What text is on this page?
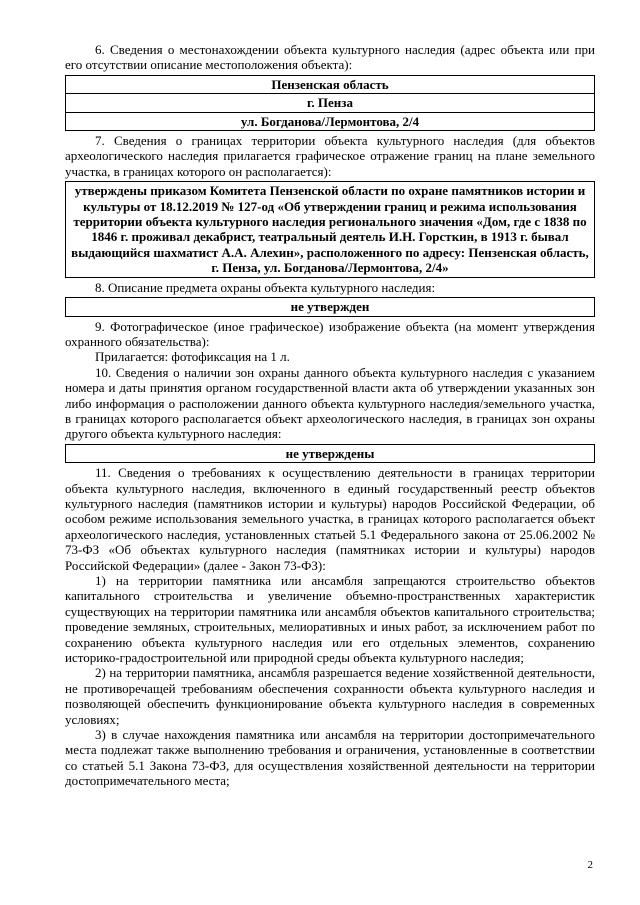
6. Сведения о местонахождении объекта культурного наследия (адрес объекта или при его отсутствии описание местоположения объекта):

Пензенская область
г. Пенза
ул. Богданова/Лермонтова, 2/4

7. Сведения о границах территории объекта культурного наследия (для объектов археологического наследия прилагается графическое отражение границ на плане земельного участка, в границах которого он располагается):

утверждены приказом Комитета Пензенской области по охране памятников истории и культуры от 18.12.2019 № 127-од «Об утверждении границ и режима использования территории объекта культурного наследия регионального значения «Дом, где с 1838 по 1846 г. проживал декабрист, театральный деятель И.Н. Горсткин, в 1913 г. бывал выдающийся шахматист А.А. Алехин», расположенного по адресу: Пензенская область, г. Пенза, ул. Богданова/Лермонтова, 2/4»

8. Описание предмета охраны объекта культурного наследия:

не утвержден

9. Фотографическое (иное графическое) изображение объекта (на момент утверждения охранного обязательства):

Прилагается: фотофиксация на 1 л.

10. Сведения о наличии зон охраны данного объекта культурного наследия с указанием номера и даты принятия органом государственной власти акта об утверждении указанных зон либо информация о расположении данного объекта культурного наследия/земельного участка, в границах которого располагается объект археологического наследия, в границах зон охраны другого объекта культурного наследия:

не утверждены

11. Сведения о требованиях к осуществлению деятельности в границах территории объекта культурного наследия, включенного в единый государственный реестр объектов культурного наследия (памятников истории и культуры) народов Российской Федерации, об особом режиме использования земельного участка, в границах которого располагается объект археологического наследия, установленных статьей 5.1 Федерального закона от 25.06.2002 № 73-ФЗ «Об объектах культурного наследия (памятниках истории и культуры) народов Российской Федерации» (далее - Закон 73-ФЗ):

1) на территории памятника или ансамбля запрещаются строительство объектов капитального строительства и увеличение объемно-пространственных характеристик существующих на территории памятника или ансамбля объектов капитального строительства; проведение земляных, строительных, мелиоративных и иных работ, за исключением работ по сохранению объекта культурного наследия или его отдельных элементов, сохранению историко-градостроительной или природной среды объекта культурного наследия;

2) на территории памятника, ансамбля разрешается ведение хозяйственной деятельности, не противоречащей требованиям обеспечения сохранности объекта культурного наследия и позволяющей обеспечить функционирование объекта культурного наследия в современных условиях;

3) в случае нахождения памятника или ансамбля на территории достопримечательного места подлежат также выполнению требования и ограничения, установленные в соответствии со статьей 5.1 Закона 73-ФЗ, для осуществления хозяйственной деятельности на территории достопримечательного места;

2
